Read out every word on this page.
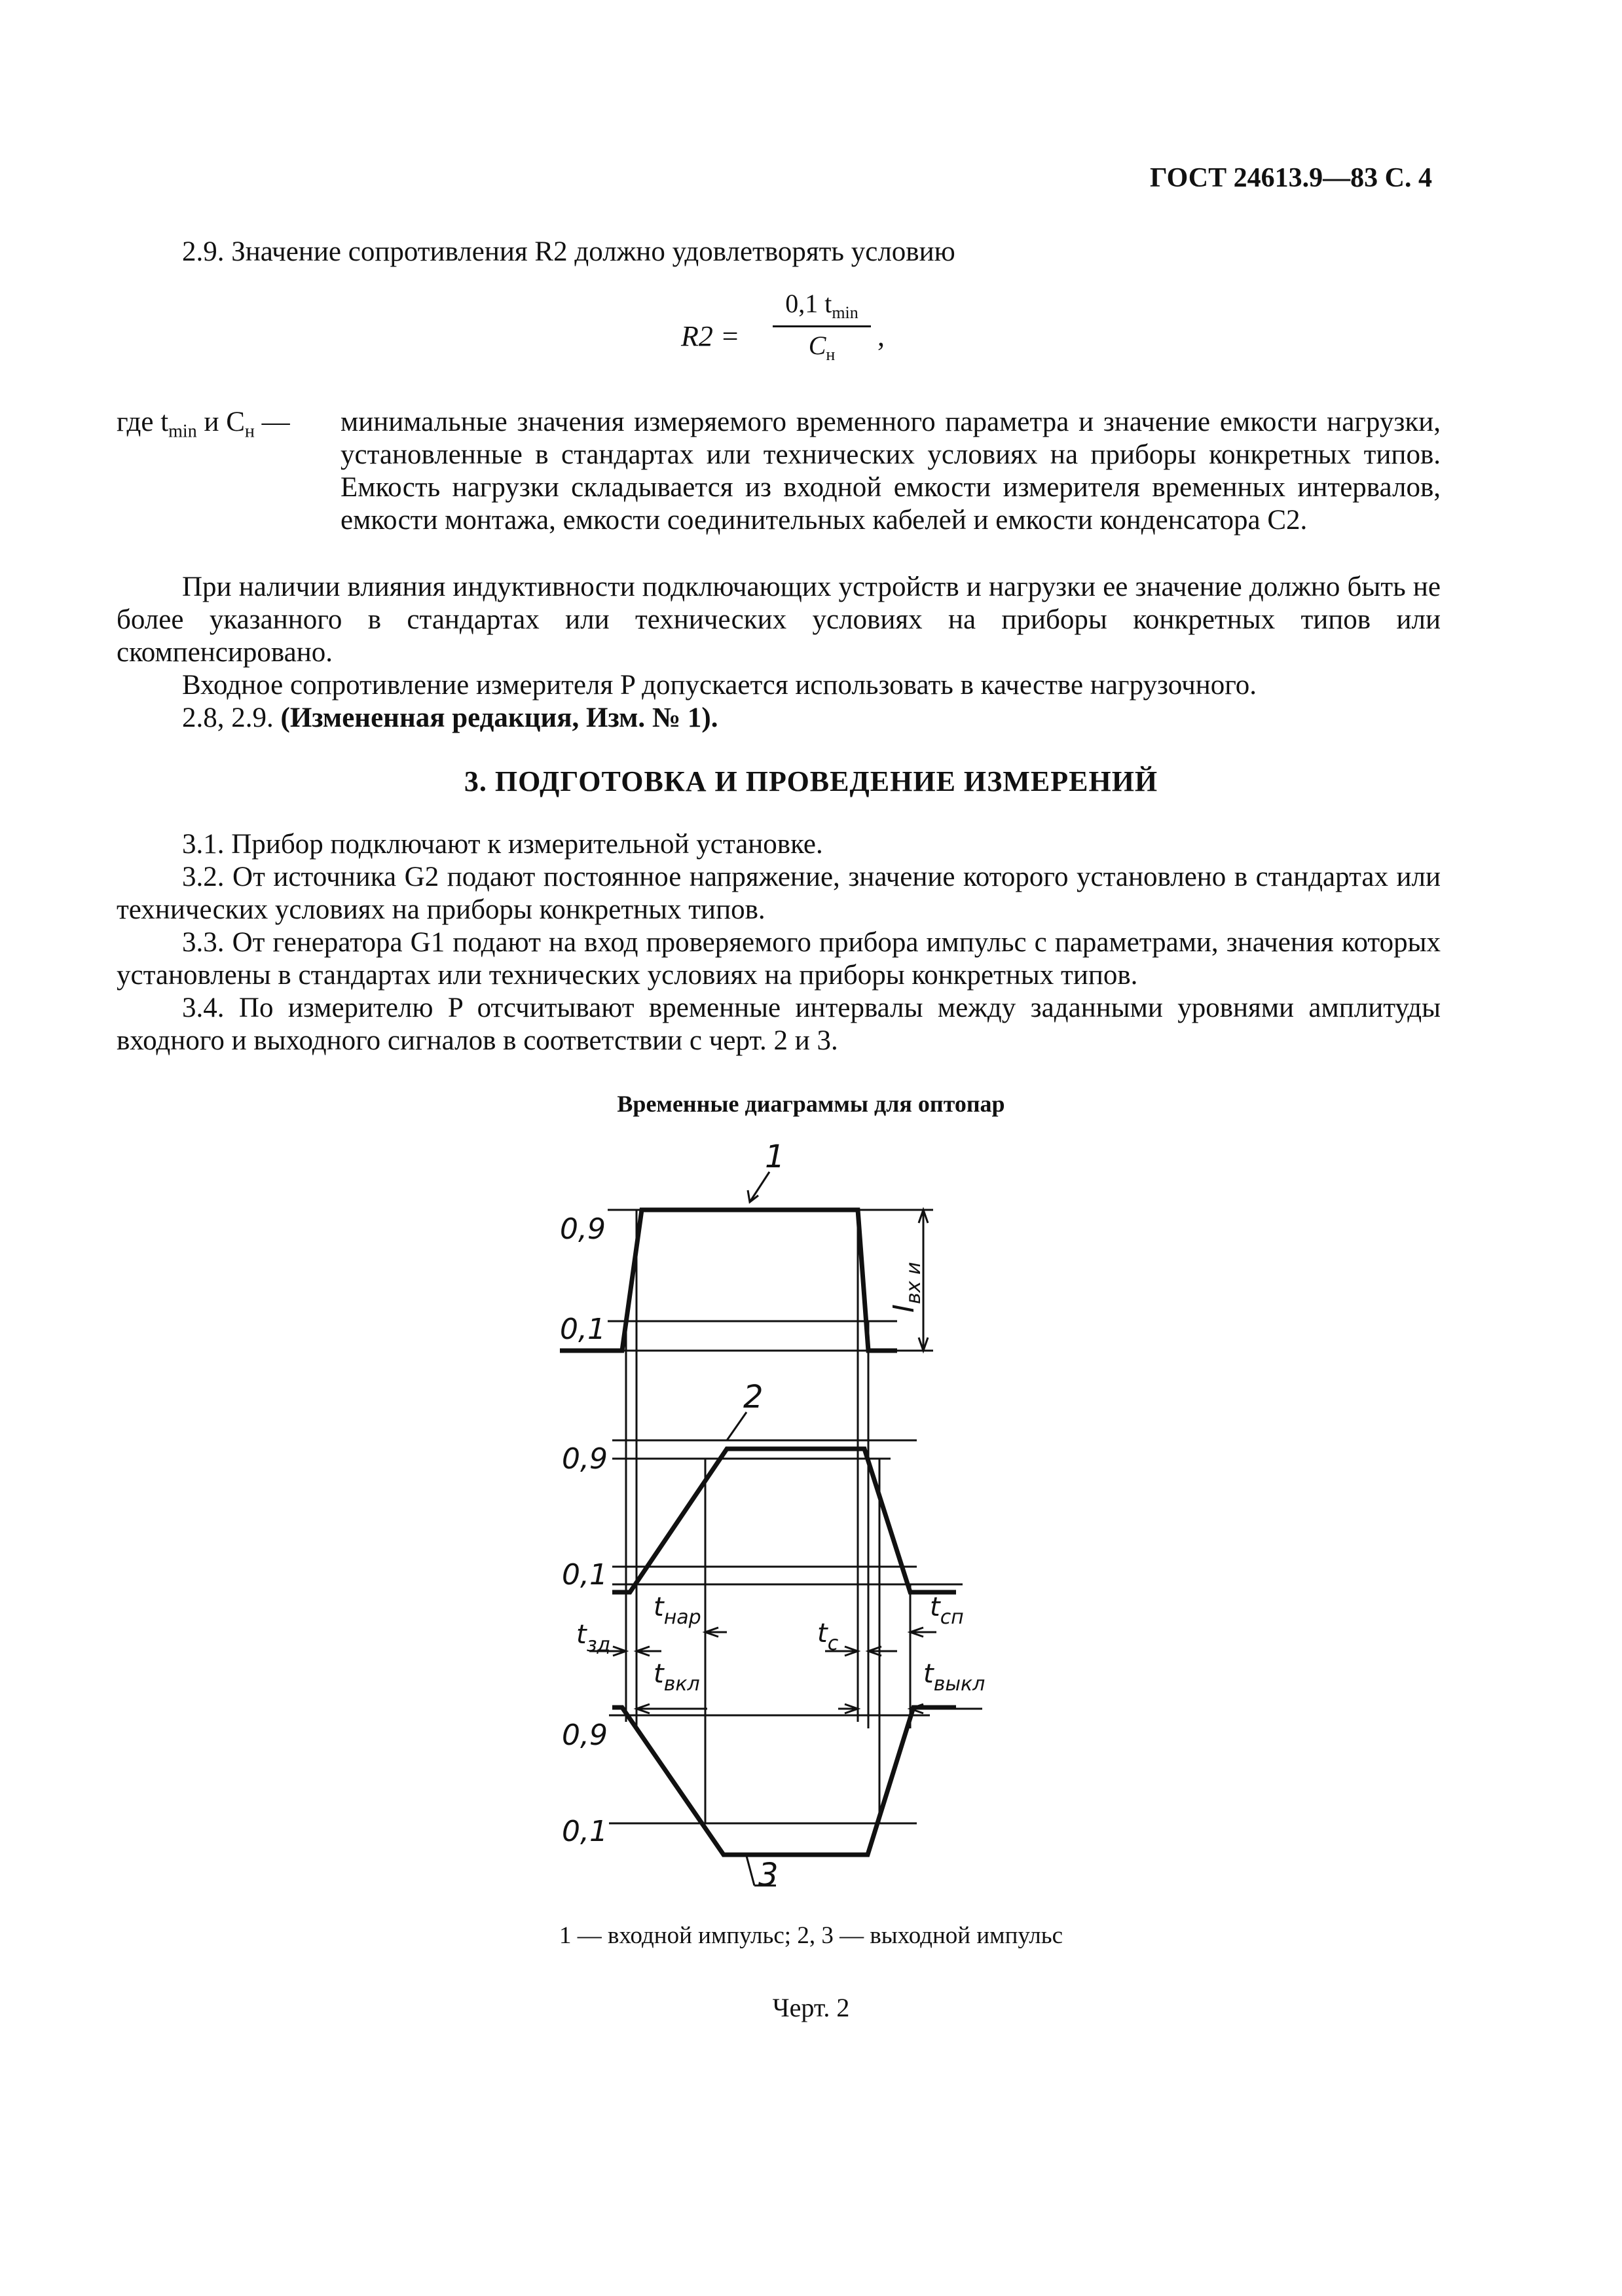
ГОСТ 24613.9—83 С. 4

2.9. Значение сопротивления R2 должно удовлетворять условию

R2 =
0,1 $t_{min}$
$C_н$
,
где $t_{min}$ и $C_н$ — минимальные значения измеряемого временного параметра и значение емкости нагрузки, установленные в стандартах или технических условиях на приборы конкретных типов. Емкость нагрузки складывается из входной емкости измерителя временных интервалов, емкости монтажа, емкости соединительных кабелей и емкости конденсатора C2.

При наличии влияния индуктивности подключающих устройств и нагрузки ее значение должно быть не более указанного в стандартах или технических условиях на приборы конкретных типов или скомпенсировано.

Входное сопротивление измерителя P допускается использовать в качестве нагрузочного.

2.8, 2.9. (Измененная редакция, Изм. № 1).

3. ПОДГОТОВКА И ПРОВЕДЕНИЕ ИЗМЕРЕНИЙ

3.1. Прибор подключают к измерительной установке.

3.2. От источника G2 подают постоянное напряжение, значение которого установлено в стандартах или технических условиях на приборы конкретных типов.

3.3. От генератора G1 подают на вход проверяемого прибора импульс с параметрами, значения которых установлены в стандартах или технических условиях на приборы конкретных типов.

3.4. По измерителю P отсчитывают временные интервалы между заданными уровнями амплитуды входного и выходного сигналов в соответствии с черт. 2 и 3.

Временные диаграммы для оптопар
0,9
0,1
0,9
0,1
0,9
0,1
1
2
3
$I_{вх и}$
$t_{зд}$
$t_{нар}$
$t_{вкл}$
$t_с$
$t_{сп}$
$t_{выкл}$
1 — входной импульс; 2, 3 — выходной импульс
Черт. 2
